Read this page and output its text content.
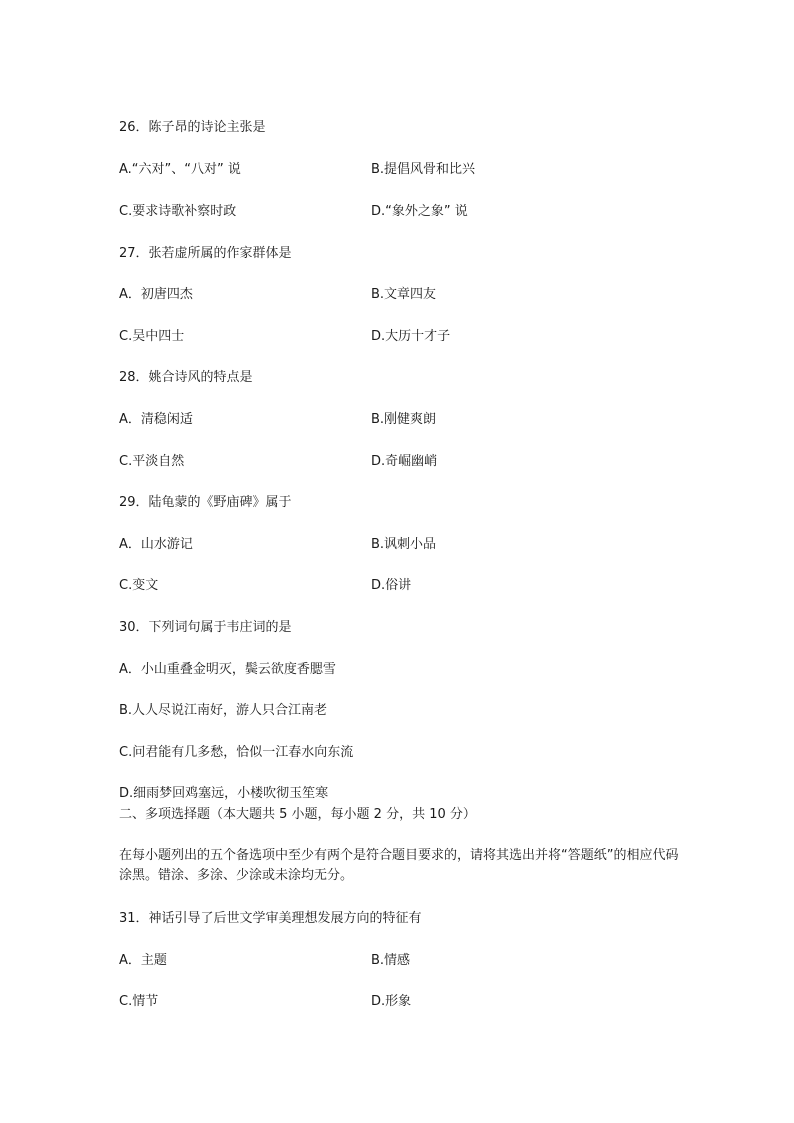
26．陈子昂的诗论主张是
A.“六对”、“八对” 说	B.提倡风骨和比兴
C.要求诗歌补察时政	D.“象外之象” 说
27．张若虚所属的作家群体是
A．初唐四杰	B.文章四友
C.吴中四士	D.大历十才子
28．姚合诗风的特点是
A．清稳闲适	B.刚健爽朗
C.平淡自然	D.奇崛幽峭
29．陆龟蒙的《野庙碑》属于
A．山水游记	B.讽刺小品
C.变文	D.俗讲
30．下列词句属于韦庄词的是
A．小山重叠金明灭，鬓云欲度香腮雪
B.人人尽说江南好，游人只合江南老
C.问君能有几多愁，恰似一江春水向东流
D.细雨梦回鸡塞远，小楼吹彻玉笙寒
二、多项选择题（本大题共 5 小题，每小题 2 分，共 10 分）
在每小题列出的五个备选项中至少有两个是符合题目要求的，请将其选出并将“答题纸”的相应代码涂黑。错涂、多涂、少涂或未涂均无分。
31．神话引导了后世文学审美理想发展方向的特征有
A．主题	B.情感
C.情节	D.形象
